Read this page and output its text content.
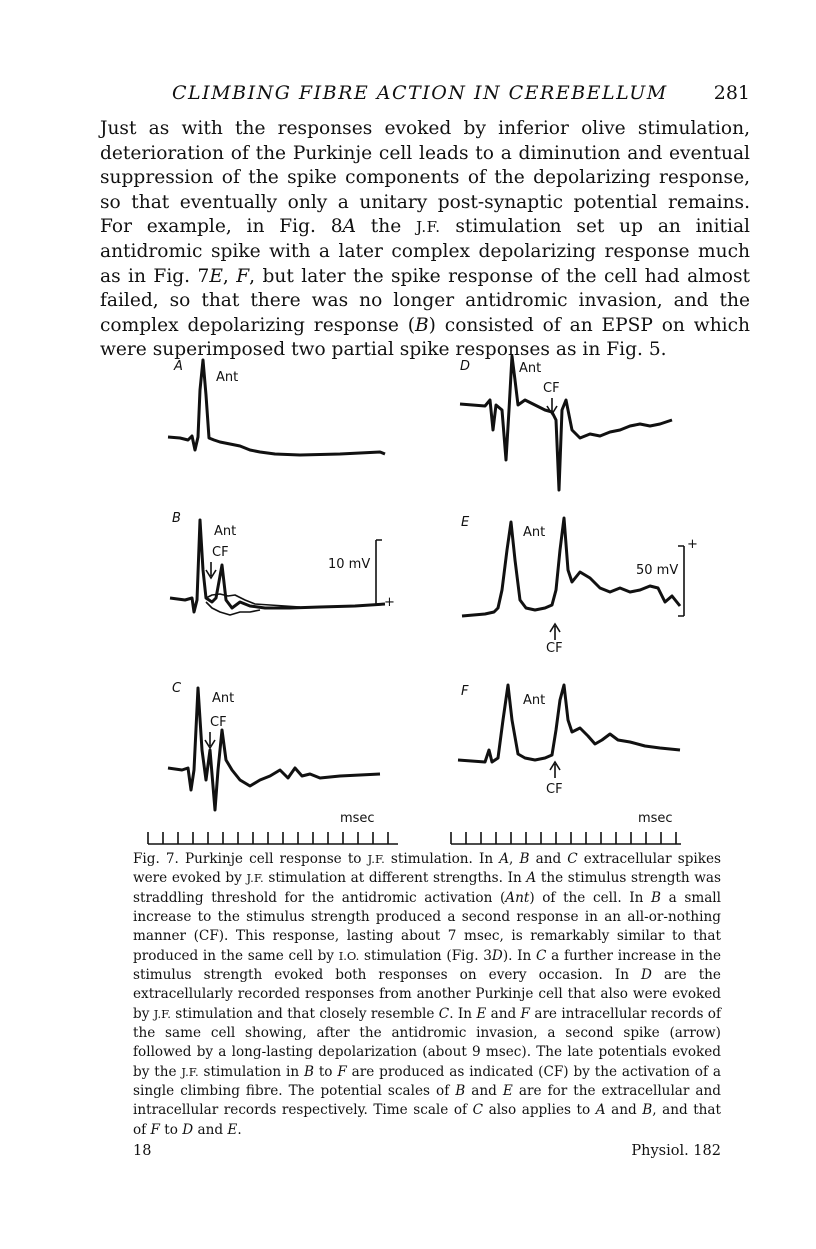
CLIMBING FIBRE ACTION IN CEREBELLUM 281

Just as with the responses evoked by inferior olive stimulation, deterioration of the Purkinje cell leads to a diminution and eventual suppression of the spike components of the depolarizing response, so that eventually only a unitary post-synaptic potential remains. For example, in Fig. 8A the J.F. stimulation set up an initial antidromic spike with a later complex depolarizing response much as in Fig. 7E, F, but later the spike response of the cell had almost failed, so that there was no longer antidromic invasion, and the complex depolarizing response (B) consisted of an EPSP on which were superimposed two partial spike responses as in Fig. 5.

A
Ant
D	Ant
CF
B
Ant
CF
10 mV
+
E
Ant
CF
50 mV
+
C
Ant
CF
msec
F
Ant
CF
msec

Fig. 7. Purkinje cell response to J.F. stimulation. In A, B and C extracellular spikes were evoked by J.F. stimulation at different strengths. In A the stimulus strength was straddling threshold for the antidromic activation (Ant) of the cell. In B a small increase to the stimulus strength produced a second response in an all-or-nothing manner (CF). This response, lasting about 7 msec, is remarkably similar to that produced in the same cell by I.O. stimulation (Fig. 3D). In C a further increase in the stimulus strength evoked both responses on every occasion. In D are the extracellularly recorded responses from another Purkinje cell that also were evoked by J.F. stimulation and that closely resemble C. In E and F are intracellular records of the same cell showing, after the antidromic invasion, a second spike (arrow) followed by a long-lasting depolarization (about 9 msec). The late potentials evoked by the J.F. stimulation in B to F are produced as indicated (CF) by the activation of a single climbing fibre. The potential scales of B and E are for the extracellular and intracellular records respectively. Time scale of C also applies to A and B, and that of F to D and E.

18	Physiol. 182
